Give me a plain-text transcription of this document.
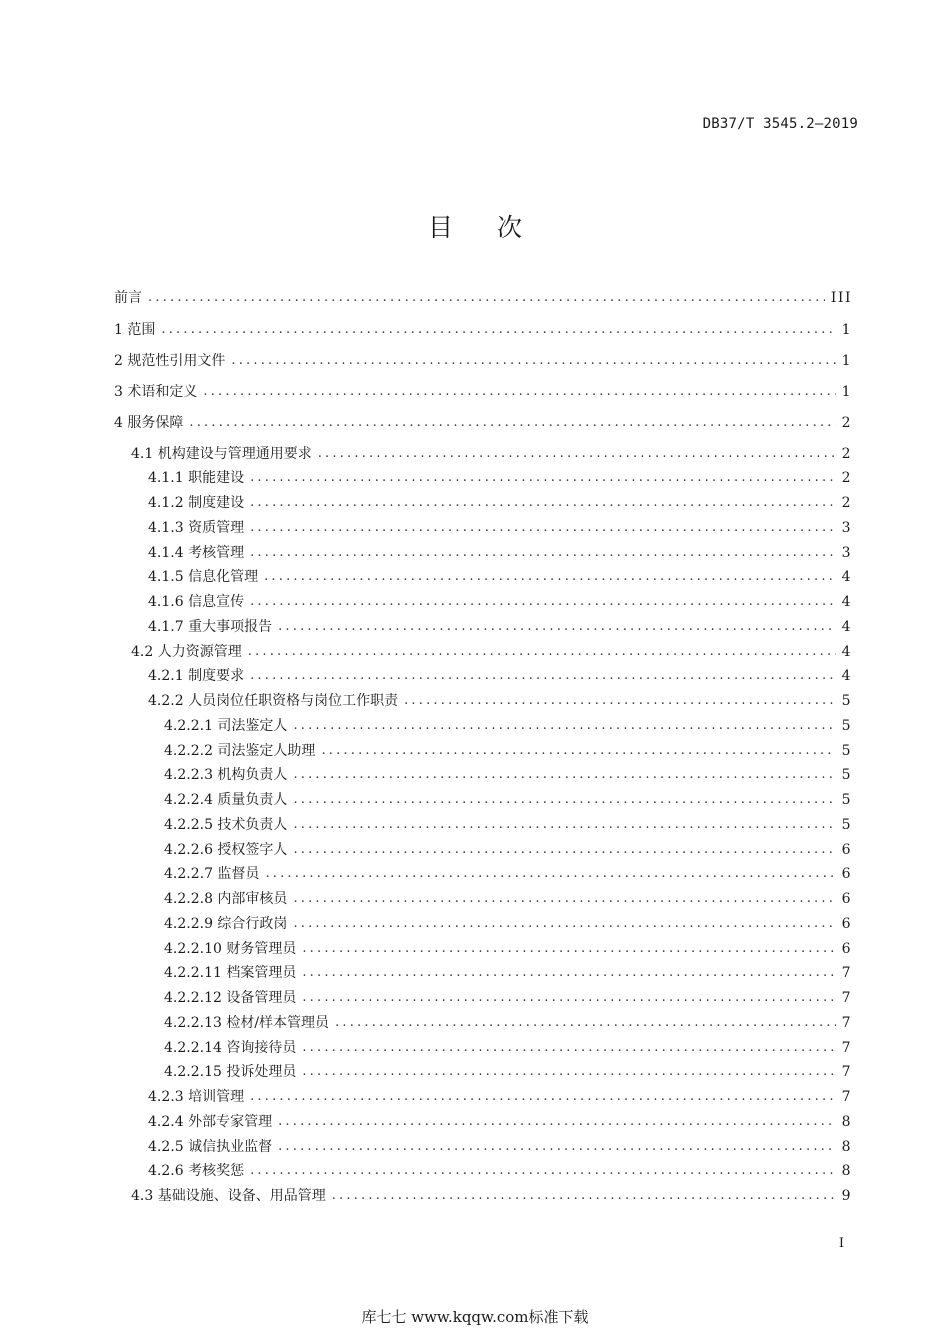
DB37/T 3545.2—2019
目次
前言 .....	III
1 范围 .....	1
2 规范性引用文件 .....	1
3 术语和定义 .....	1
4 服务保障 .....	2
4.1 机构建设与管理通用要求 .....	2
4.1.1 职能建设 .....	2
4.1.2 制度建设 .....	2
4.1.3 资质管理 .....	3
4.1.4 考核管理 .....	3
4.1.5 信息化管理 .....	4
4.1.6 信息宣传 .....	4
4.1.7 重大事项报告 .....	4
4.2 人力资源管理 .....	4
4.2.1 制度要求 .....	4
4.2.2 人员岗位任职资格与岗位工作职责 .....	5
4.2.2.1 司法鉴定人 .....	5
4.2.2.2 司法鉴定人助理 .....	5
4.2.2.3 机构负责人 .....	5
4.2.2.4 质量负责人 .....	5
4.2.2.5 技术负责人 .....	5
4.2.2.6 授权签字人 .....	6
4.2.2.7 监督员 .....	6
4.2.2.8 内部审核员 .....	6
4.2.2.9 综合行政岗 .....	6
4.2.2.10 财务管理员 .....	6
4.2.2.11 档案管理员 .....	7
4.2.2.12 设备管理员 .....	7
4.2.2.13 检材/样本管理员 .....	7
4.2.2.14 咨询接待员 .....	7
4.2.2.15 投诉处理员 .....	7
4.2.3 培训管理 .....	7
4.2.4 外部专家管理 .....	8
4.2.5 诚信执业监督 .....	8
4.2.6 考核奖惩 .....	8
4.3 基础设施、设备、用品管理 .....	9
I
库七七 www.kqqw.com标准下载
